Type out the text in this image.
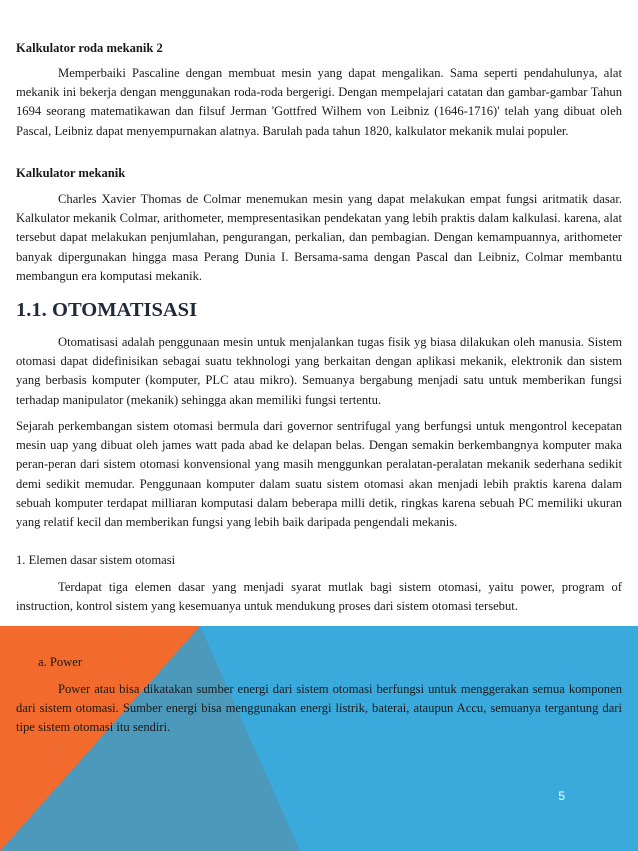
Kalkulator roda mekanik 2

Memperbaiki Pascaline dengan membuat mesin yang dapat mengalikan. Sama seperti pendahulunya, alat mekanik ini bekerja dengan menggunakan roda-roda bergerigi. Dengan mempelajari catatan dan gambar-gambar Tahun 1694 seorang matematikawan dan filsuf Jerman 'Gottfred Wilhem von Leibniz (1646-1716)' telah yang dibuat oleh Pascal, Leibniz dapat menyempurnakan alatnya. Barulah pada tahun 1820, kalkulator mekanik mulai populer.

Kalkulator mekanik

Charles Xavier Thomas de Colmar menemukan mesin yang dapat melakukan empat fungsi aritmatik dasar. Kalkulator mekanik Colmar, arithometer, mempresentasikan pendekatan yang lebih praktis dalam kalkulasi. karena, alat tersebut dapat melakukan penjumlahan, pengurangan, perkalian, dan pembagian. Dengan kemampuannya, arithometer banyak dipergunakan hingga masa Perang Dunia I. Bersama-sama dengan Pascal dan Leibniz, Colmar membantu membangun era komputasi mekanik.

1.1. OTOMATISASI

Otomatisasi adalah penggunaan mesin untuk menjalankan tugas fisik yg biasa dilakukan oleh manusia. Sistem otomasi dapat didefinisikan sebagai suatu tekhnologi yang berkaitan dengan aplikasi mekanik, elektronik dan sistem yang berbasis komputer (komputer, PLC atau mikro). Semuanya bergabung menjadi satu untuk memberikan fungsi terhadap manipulator (mekanik) sehingga akan memiliki fungsi tertentu.

Sejarah perkembangan sistem otomasi bermula dari governor sentrifugal yang berfungsi untuk mengontrol kecepatan mesin uap yang dibuat oleh james watt pada abad ke delapan belas. Dengan semakin berkembangnya komputer maka peran-peran dari sistem otomasi konvensional yang masih menggunkan peralatan-peralatan mekanik sederhana sedikit demi sedikit memudar. Penggunaan komputer dalam suatu sistem otomasi akan menjadi lebih praktis karena dalam sebuah komputer terdapat milliaran komputasi dalam beberapa milli detik, ringkas karena sebuah PC memiliki ukuran yang relatif kecil dan memberikan fungsi yang lebih baik daripada pengendali mekanis.

1. Elemen dasar sistem otomasi

Terdapat tiga elemen dasar yang menjadi syarat mutlak bagi sistem otomasi, yaitu power, program of instruction, kontrol sistem yang kesemuanya untuk mendukung proses dari sistem otomasi tersebut.

a. Power

Power atau bisa dikatakan sumber energi dari sistem otomasi berfungsi untuk menggerakan semua komponen dari sistem otomasi. Sumber energi bisa menggunakan energi listrik, baterai, ataupun Accu, semuanya tergantung dari tipe sistem otomasi itu sendiri.

5
